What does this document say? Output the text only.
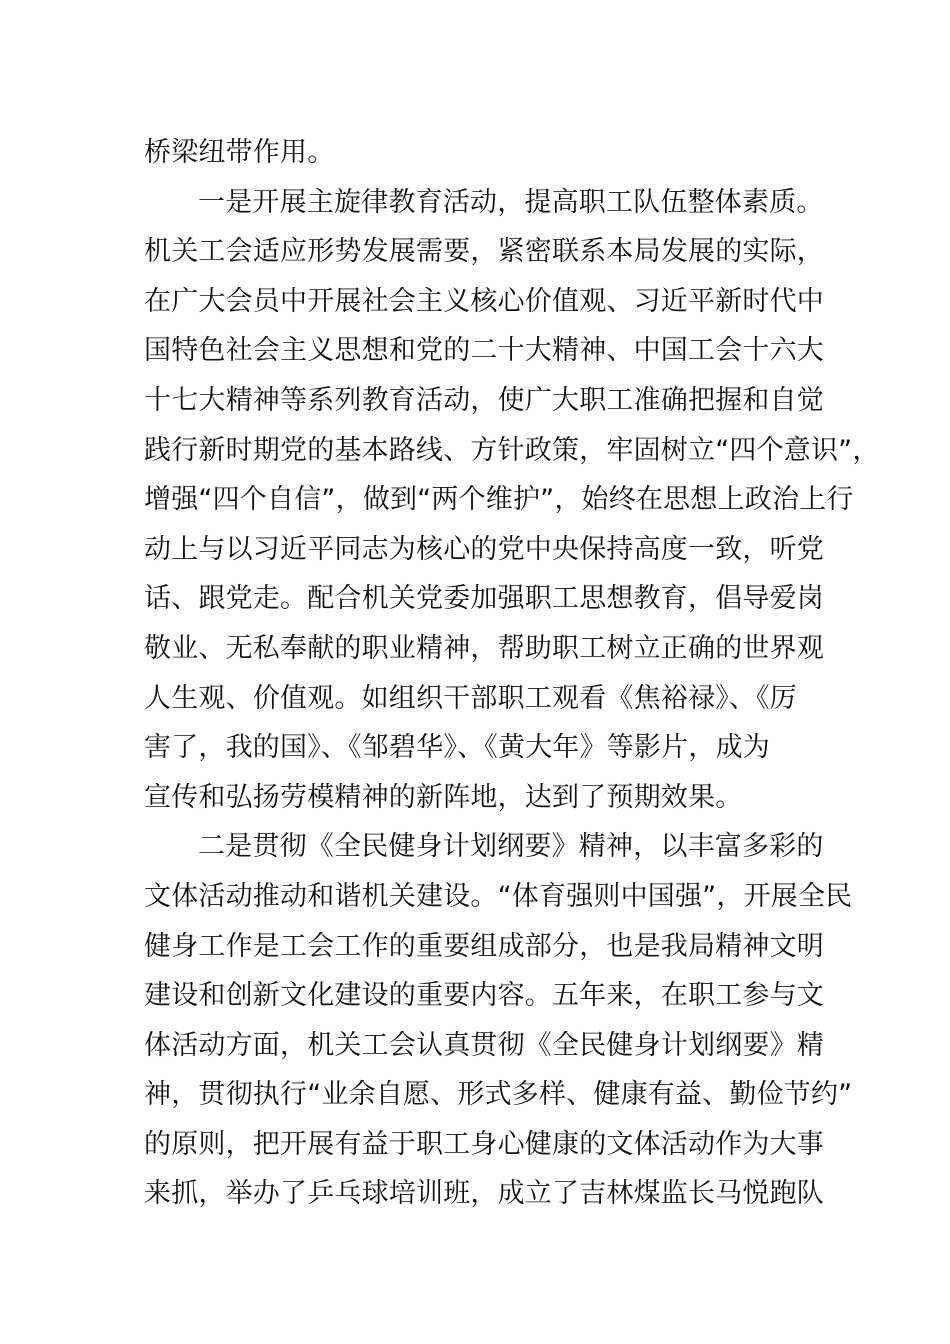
桥梁纽带作用。
一是开展主旋律教育活动，提高职工队伍整体素质。
机关工会适应形势发展需要，紧密联系本局发展的实际，
在广大会员中开展社会主义核心价值观、习近平新时代中
国特色社会主义思想和党的二十大精神、中国工会十六大
十七大精神等系列教育活动，使广大职工准确把握和自觉
践行新时期党的基本路线、方针政策，牢固树立“四个意识”，
增强“四个自信”，做到“两个维护”，始终在思想上政治上行
动上与以习近平同志为核心的党中央保持高度一致，听党
话、跟党走。配合机关党委加强职工思想教育，倡导爱岗
敬业、无私奉献的职业精神，帮助职工树立正确的世界观
人生观、价值观。如组织干部职工观看《焦裕禄》、《厉
害了，我的国》、《邹碧华》、《黄大年》等影片，成为
宣传和弘扬劳模精神的新阵地，达到了预期效果。
二是贯彻《全民健身计划纲要》精神，以丰富多彩的
文体活动推动和谐机关建设。“体育强则中国强”，开展全民
健身工作是工会工作的重要组成部分，也是我局精神文明
建设和创新文化建设的重要内容。五年来，在职工参与文
体活动方面，机关工会认真贯彻《全民健身计划纲要》精
神，贯彻执行“业余自愿、形式多样、健康有益、勤俭节约”
的原则，把开展有益于职工身心健康的文体活动作为大事
来抓，举办了乒乓球培训班，成立了吉林煤监长马悦跑队
